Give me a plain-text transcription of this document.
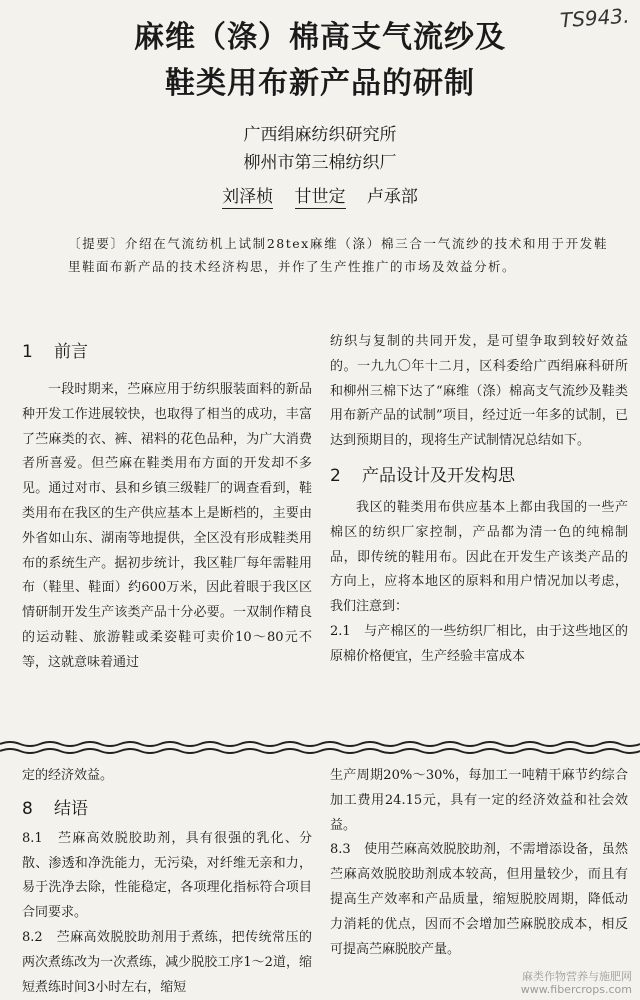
麻维（涤）棉高支气流纱及
鞋类用布新产品的研制
TS943.
广西绢麻纺织研究所
柳州市第三棉纺织厂
刘泽桢 甘世定 卢承部
〔提要〕介绍在气流纺机上试制28tex麻维（涤）棉三合一气流纱的技术和用于开发鞋里鞋面布新产品的技术经济构思，并作了生产性推广的市场及效益分析。
1 前言

一段时期来，苎麻应用于纺织服装面料的新品种开发工作进展较快，也取得了相当的成功，丰富了苎麻类的衣、裤、裙料的花色品种，为广大消费者所喜爱。但苎麻在鞋类用布方面的开发却不多见。通过对市、县和乡镇三级鞋厂的调查看到，鞋类用布在我区的生产供应基本上是断档的，主要由外省如山东、湖南等地提供，全区没有形成鞋类用布的系统生产。据初步统计，我区鞋厂每年需鞋用布（鞋里、鞋面）约600万米，因此着眼于我区区情研制开发生产该类产品十分必要。一双制作精良的运动鞋、旅游鞋或柔姿鞋可卖价10～80元不等，这就意味着通过

纺织与复制的共同开发，是可望争取到较好效益的。一九九〇年十二月，区科委给广西绢麻科研所和柳州三棉下达了“麻维（涤）棉高支气流纱及鞋类用布新产品的试制”项目，经过近一年多的试制，已达到预期目的，现将生产试制情况总结如下。

2 产品设计及开发构思

我区的鞋类用布供应基本上都由我国的一些产棉区的纺织厂家控制，产品都为清一色的纯棉制品，即传统的鞋用布。因此在开发生产该类产品的方向上，应将本地区的原料和用户情况加以考虑，我们注意到：

2.1　与产棉区的一些纺织厂相比，由于这些地区的原棉价格便宜，生产经验丰富成本

定的经济效益。

8 结语

8.1　苎麻高效脱胶助剂，具有很强的乳化、分散、渗透和净洗能力，无污染，对纤维无亲和力，易于洗净去除，性能稳定，各项理化指标符合项目合同要求。

8.2　苎麻高效脱胶助剂用于煮练，把传统常压的两次煮练改为一次煮练，减少脱胶工序1～2道，缩短煮练时间3小时左右，缩短

生产周期20%～30%，每加工一吨精干麻节约综合加工费用24.15元，具有一定的经济效益和社会效益。

8.3　使用苎麻高效脱胶助剂，不需增添设备，虽然苎麻高效脱胶助剂成本较高，但用量较少，而且有提高生产效率和产品质量，缩短脱胶周期，降低动力消耗的优点，因而不会增加苎麻脱胶成本，相反可提高苎麻脱胶产量。

麻类作物营养与施肥网
www.fibercrops.com
